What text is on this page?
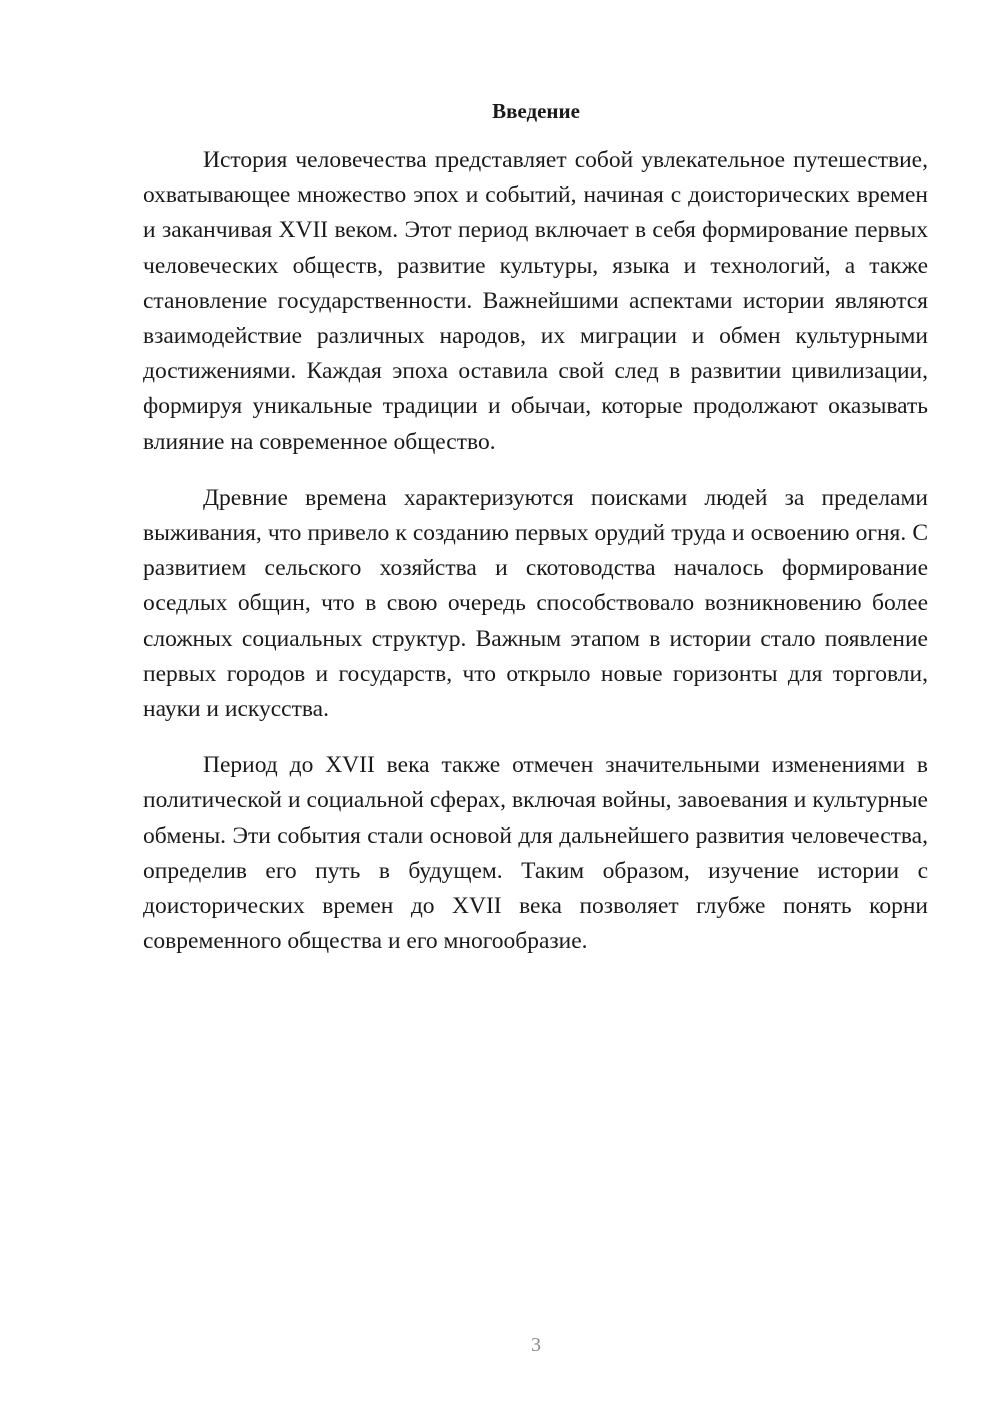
Введение

История человечества представляет собой увлекательное путешествие, охватывающее множество эпох и событий, начиная с доисторических времен и заканчивая XVII веком. Этот период включает в себя формирование первых человеческих обществ, развитие культуры, языка и технологий, а также становление государственности. Важнейшими аспектами истории являются взаимодействие различных народов, их миграции и обмен культурными достижениями. Каждая эпоха оставила свой след в развитии цивилизации, формируя уникальные традиции и обычаи, которые продолжают оказывать влияние на современное общество.

Древние времена характеризуются поисками людей за пределами выживания, что привело к созданию первых орудий труда и освоению огня. С развитием сельского хозяйства и скотоводства началось формирование оседлых общин, что в свою очередь способствовало возникновению более сложных социальных структур. Важным этапом в истории стало появление первых городов и государств, что открыло новые горизонты для торговли, науки и искусства.

Период до XVII века также отмечен значительными изменениями в политической и социальной сферах, включая войны, завоевания и культурные обмены. Эти события стали основой для дальнейшего развития человечества, определив его путь в будущем. Таким образом, изучение истории с доисторических времен до XVII века позволяет глубже понять корни современного общества и его многообразие.

3
